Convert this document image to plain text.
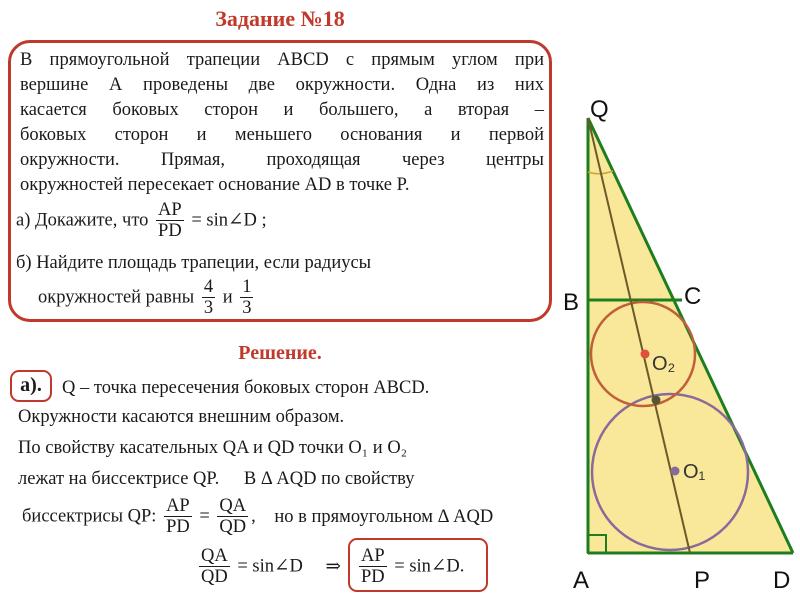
Задание №18
В прямоугольной трапеции ABCD с прямым углом при
вершине А проведены две окружности. Одна из них
касается боковых сторон и большего, а вторая –
боковых сторон и меньшего основания и первой
окружности. Прямая, проходящая через центры
окружностей пересекает основание AD в точке P.
а) Докажите, что $\frac{AP}{PD}$ = sin∠D ;
б) Найдите площадь трапеции, если радиусы
окружностей равны $\frac{4}{3}$ и $\frac{1}{3}$
Решение.
а).	Q – точка пересечения боковых сторон ABCD.
Окружности касаются внешним образом.
По свойству касательных QA и QD точки O₁ и O₂
лежат на биссектрисе QP. В Δ AQD по свойству
биссектрисы QP: $\frac{AP}{PD} = \frac{QA}{QD}$ , но в прямоугольном Δ AQD
$\frac{QA}{QD}$ = sin∠D ⇒ $\frac{AP}{PD}$ = sin∠D.
Q
B	C
A	P	D
O₁
O₂
